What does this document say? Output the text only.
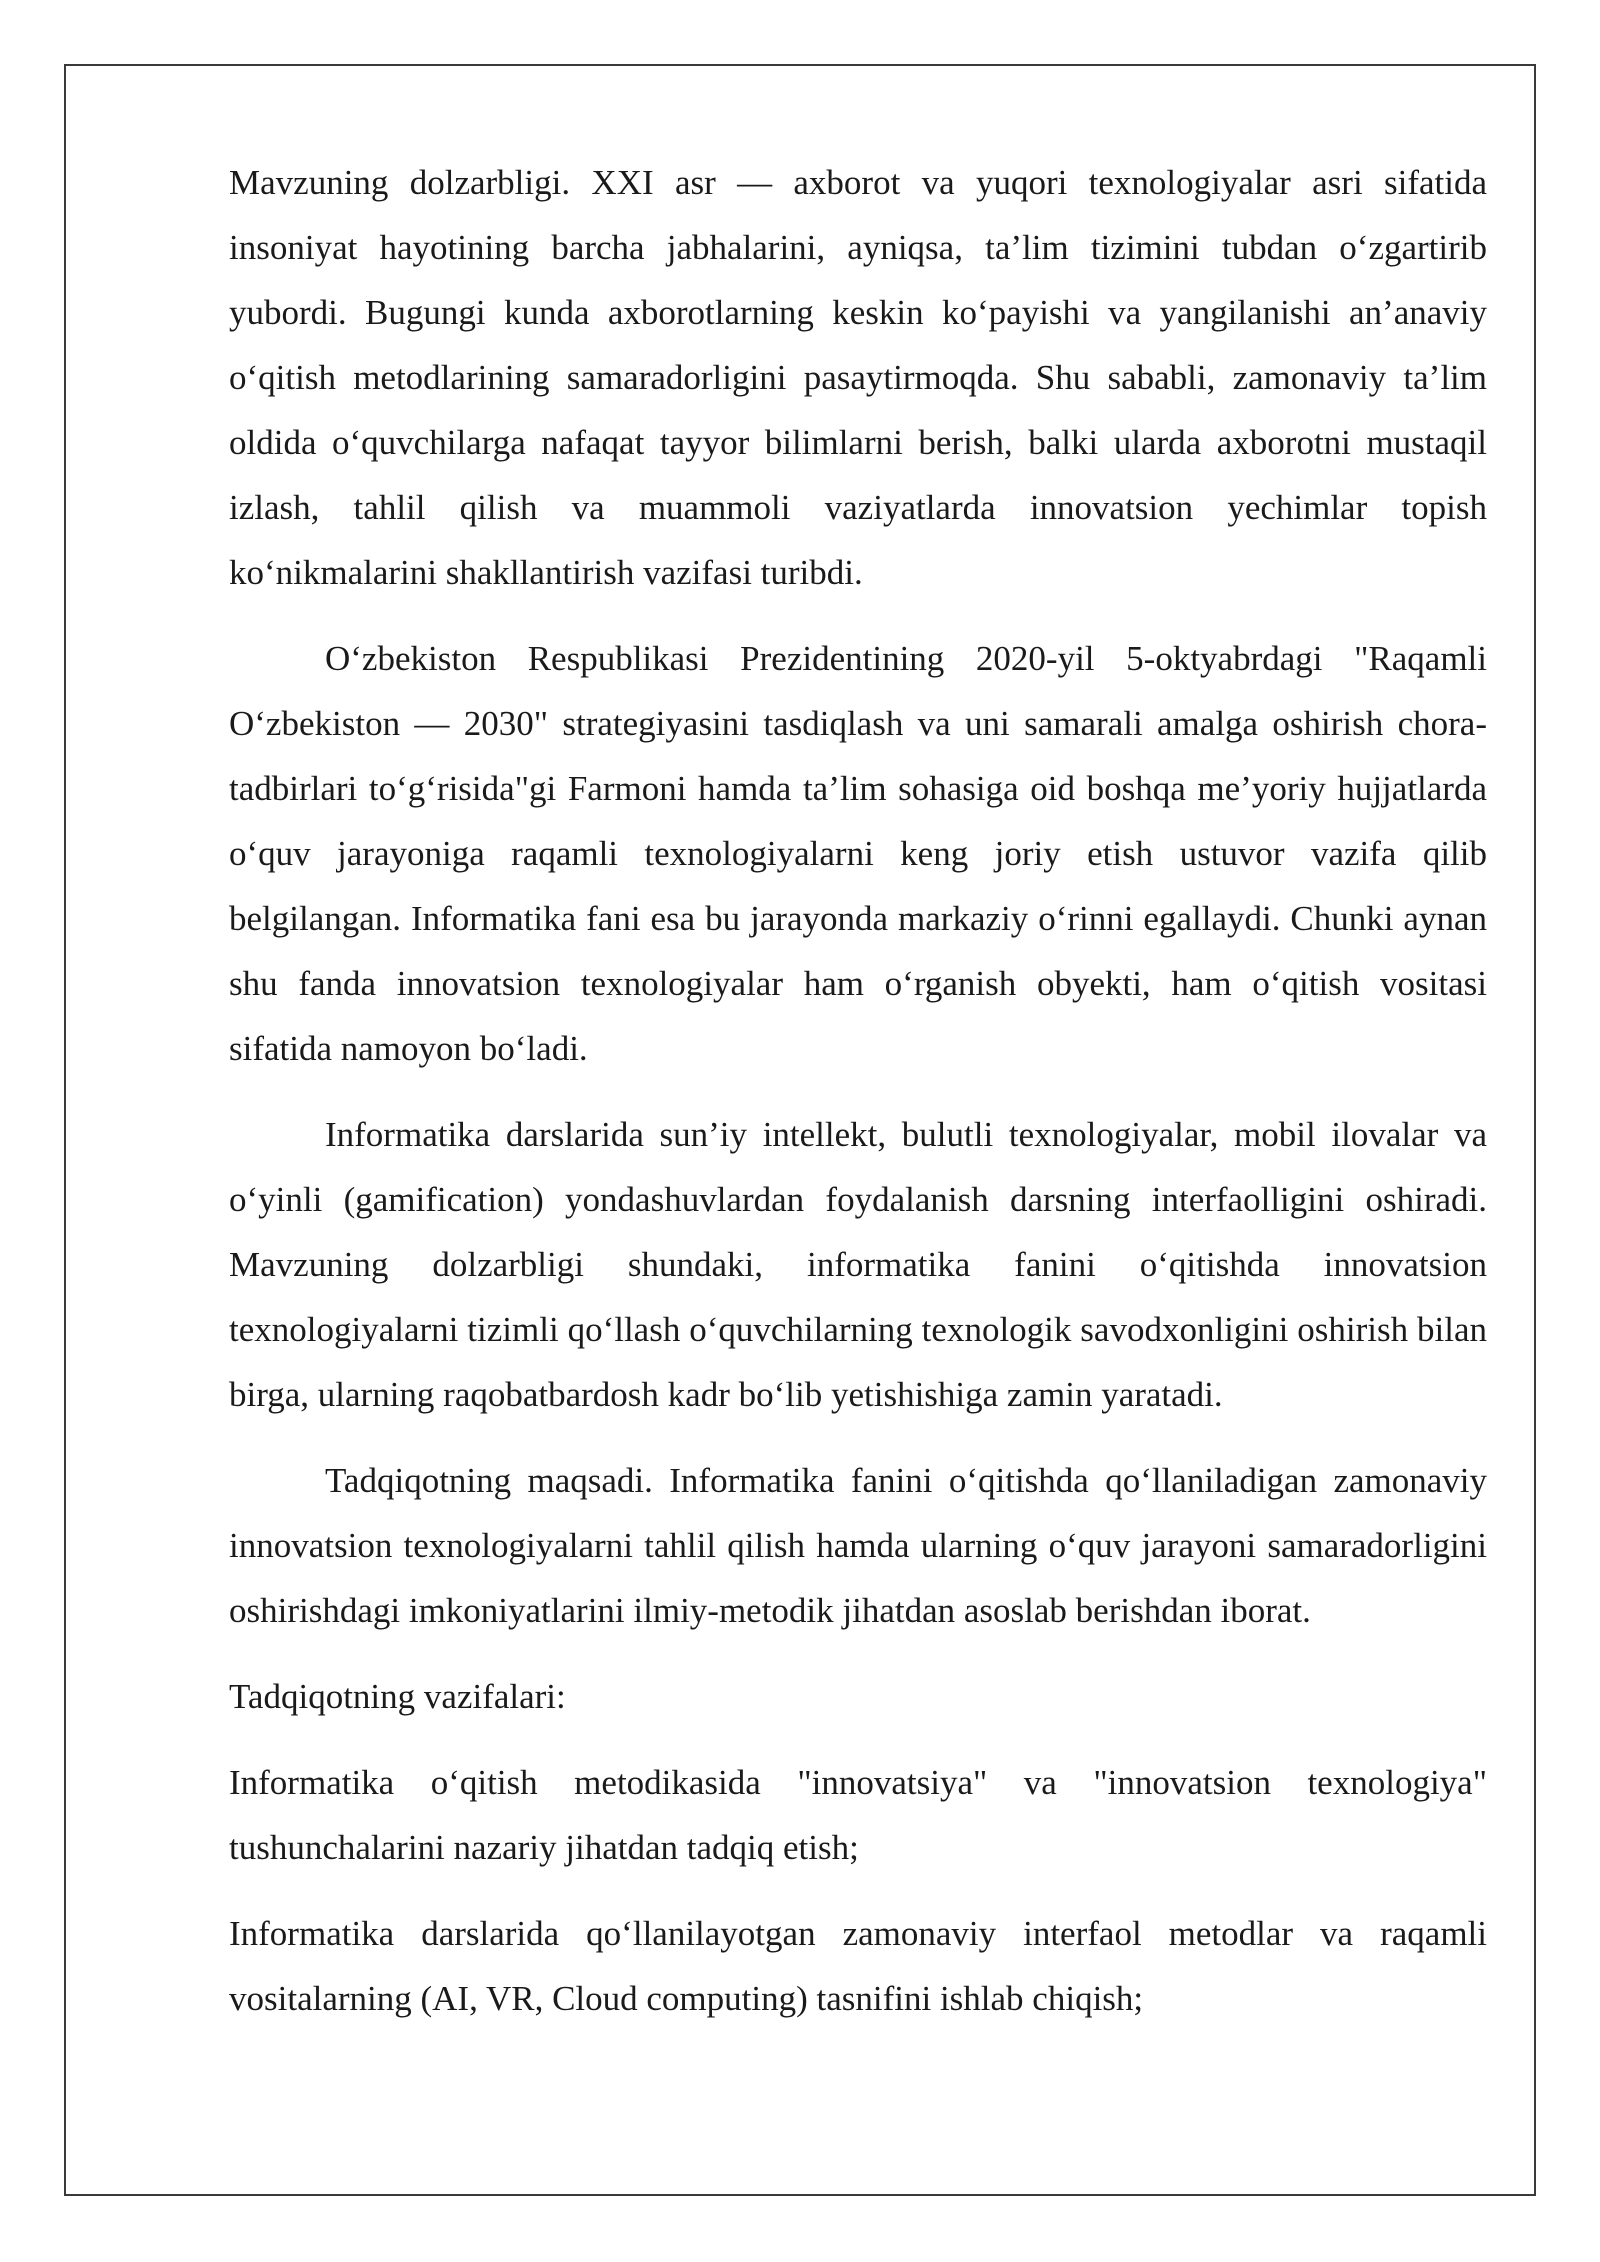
Mavzuning dolzarbligi. XXI asr — axborot va yuqori texnologiyalar asri sifatida insoniyat hayotining barcha jabhalarini, ayniqsa, ta’lim tizimini tubdan oʻzgartirib yubordi. Bugungi kunda axborotlarning keskin koʻpayishi va yangilanishi an’anaviy oʻqitish metodlarining samaradorligini pasaytirmoqda. Shu sababli, zamonaviy ta’lim oldida oʻquvchilarga nafaqat tayyor bilimlarni berish, balki ularda axborotni mustaqil izlash, tahlil qilish va muammoli vaziyatlarda innovatsion yechimlar topish koʻnikmalarini shakllantirish vazifasi turibdi.

Oʻzbekiston Respublikasi Prezidentining 2020-yil 5-oktyabrdagi "Raqamli Oʻzbekiston — 2030" strategiyasini tasdiqlash va uni samarali amalga oshirish chora-tadbirlari toʻgʻrisida"gi Farmoni hamda ta’lim sohasiga oid boshqa me’yoriy hujjatlarda oʻquv jarayoniga raqamli texnologiyalarni keng joriy etish ustuvor vazifa qilib belgilangan. Informatika fani esa bu jarayonda markaziy oʻrinni egallaydi. Chunki aynan shu fanda innovatsion texnologiyalar ham oʻrganish obyekti, ham oʻqitish vositasi sifatida namoyon boʻladi.

Informatika darslarida sun’iy intellekt, bulutli texnologiyalar, mobil ilovalar va oʻyinli (gamification) yondashuvlardan foydalanish darsning interfaolligini oshiradi. Mavzuning dolzarbligi shundaki, informatika fanini oʻqitishda innovatsion texnologiyalarni tizimli qoʻllash oʻquvchilarning texnologik savodxonligini oshirish bilan birga, ularning raqobatbardosh kadr boʻlib yetishishiga zamin yaratadi.

Tadqiqotning maqsadi. Informatika fanini oʻqitishda qoʻllaniladigan zamonaviy innovatsion texnologiyalarni tahlil qilish hamda ularning oʻquv jarayoni samaradorligini oshirishdagi imkoniyatlarini ilmiy-metodik jihatdan asoslab berishdan iborat.

Tadqiqotning vazifalari:

Informatika oʻqitish metodikasida "innovatsiya" va "innovatsion texnologiya" tushunchalarini nazariy jihatdan tadqiq etish;

Informatika darslarida qoʻllanilayotgan zamonaviy interfaol metodlar va raqamli vositalarning (AI, VR, Cloud computing) tasnifini ishlab chiqish;
